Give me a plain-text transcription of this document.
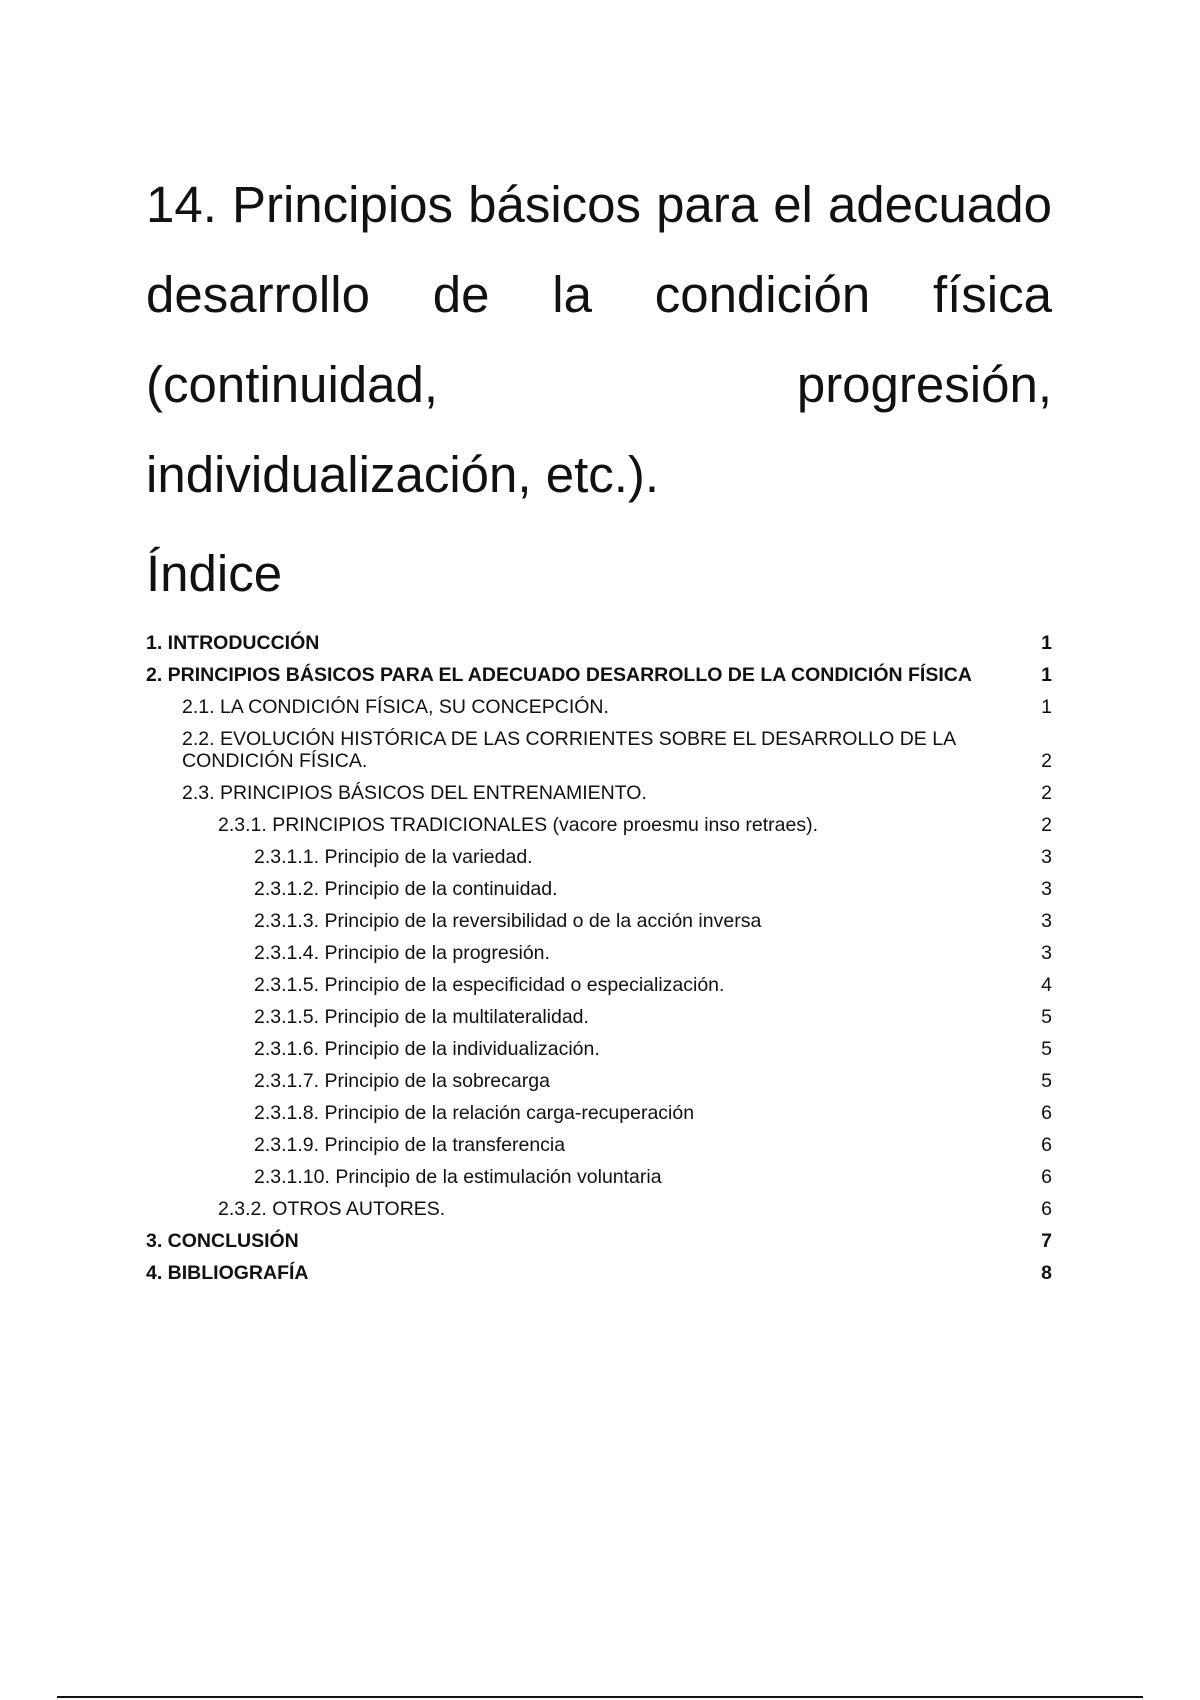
14. Principios básicos para el adecuado desarrollo de la condición física (continuidad, progresión, individualización, etc.).
Índice
1. INTRODUCCIÓN	1
2. PRINCIPIOS BÁSICOS PARA EL ADECUADO DESARROLLO DE LA CONDICIÓN FÍSICA	1
2.1. LA CONDICIÓN FÍSICA, SU CONCEPCIÓN.	1
2.2. EVOLUCIÓN HISTÓRICA DE LAS CORRIENTES SOBRE EL DESARROLLO DE LA CONDICIÓN FÍSICA.	2
2.3. PRINCIPIOS BÁSICOS DEL ENTRENAMIENTO.	2
2.3.1. PRINCIPIOS TRADICIONALES (vacore proesmu inso retraes).	2
2.3.1.1. Principio de la variedad.	3
2.3.1.2. Principio de la continuidad.	3
2.3.1.3. Principio de la reversibilidad o de la acción inversa	3
2.3.1.4. Principio de la progresión.	3
2.3.1.5. Principio de la especificidad o especialización.	4
2.3.1.5. Principio de la multilateralidad.	5
2.3.1.6. Principio de la individualización.	5
2.3.1.7. Principio de la sobrecarga	5
2.3.1.8. Principio de la relación carga-recuperación	6
2.3.1.9. Principio de la transferencia	6
2.3.1.10. Principio de la estimulación voluntaria	6
2.3.2. OTROS AUTORES.	6
3. CONCLUSIÓN	7
4. BIBLIOGRAFÍA	8
